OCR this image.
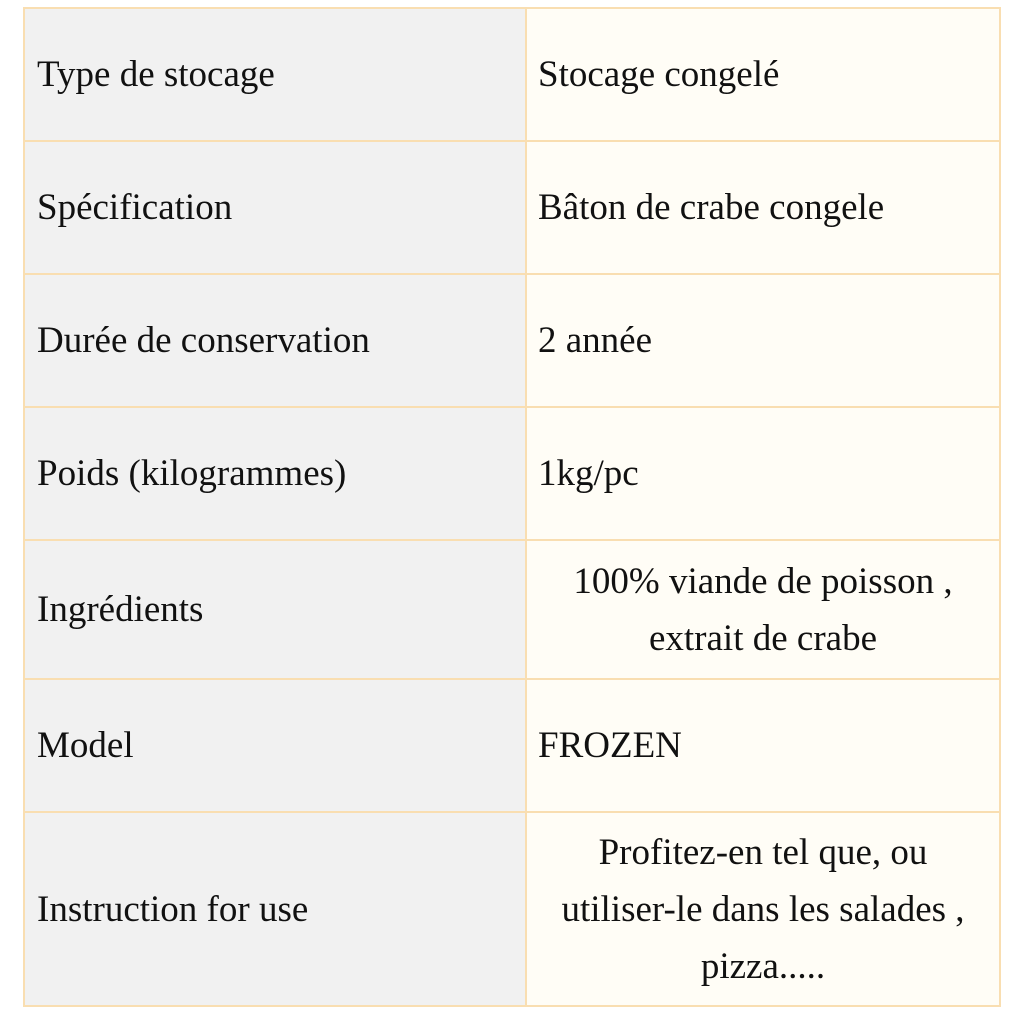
Type de stocage	Stocage congelé
Spécification	Bâton de crabe congele
Durée de conservation	2 année
Poids (kilogrammes)	1kg/pc
Ingrédients	100% viande de poisson , extrait de crabe
Model	FROZEN
Instruction for use	Profitez-en tel que, ou utiliser-le dans les salades , pizza.....
